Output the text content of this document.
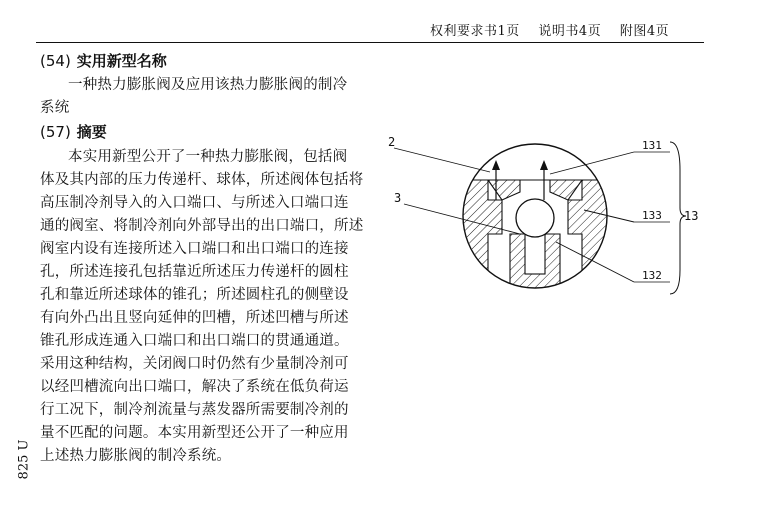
权利要求书1页 说明书4页 附图4页
(54) 实用新型名称
一种热力膨胀阀及应用该热力膨胀阀的制冷
系统
(57) 摘要
本实用新型公开了一种热力膨胀阀，包括阀
体及其内部的压力传递杆、球体，所述阀体包括将
高压制冷剂导入的入口端口、与所述入口端口连
通的阀室、将制冷剂向外部导出的出口端口，所述
阀室内设有连接所述入口端口和出口端口的连接
孔，所述连接孔包括靠近所述压力传递杆的圆柱
孔和靠近所述球体的锥孔；所述圆柱孔的侧壁设
有向外凸出且竖向延伸的凹槽，所述凹槽与所述
锥孔形成连通入口端口和出口端口的贯通通道。
采用这种结构，关闭阀口时仍然有少量制冷剂可
以经凹槽流向出口端口，解决了系统在低负荷运
行工况下，制冷剂流量与蒸发器所需要制冷剂的
量不匹配的问题。本实用新型还公开了一种应用
上述热力膨胀阀的制冷系统。
825 U
2
3
131
133
132
13
